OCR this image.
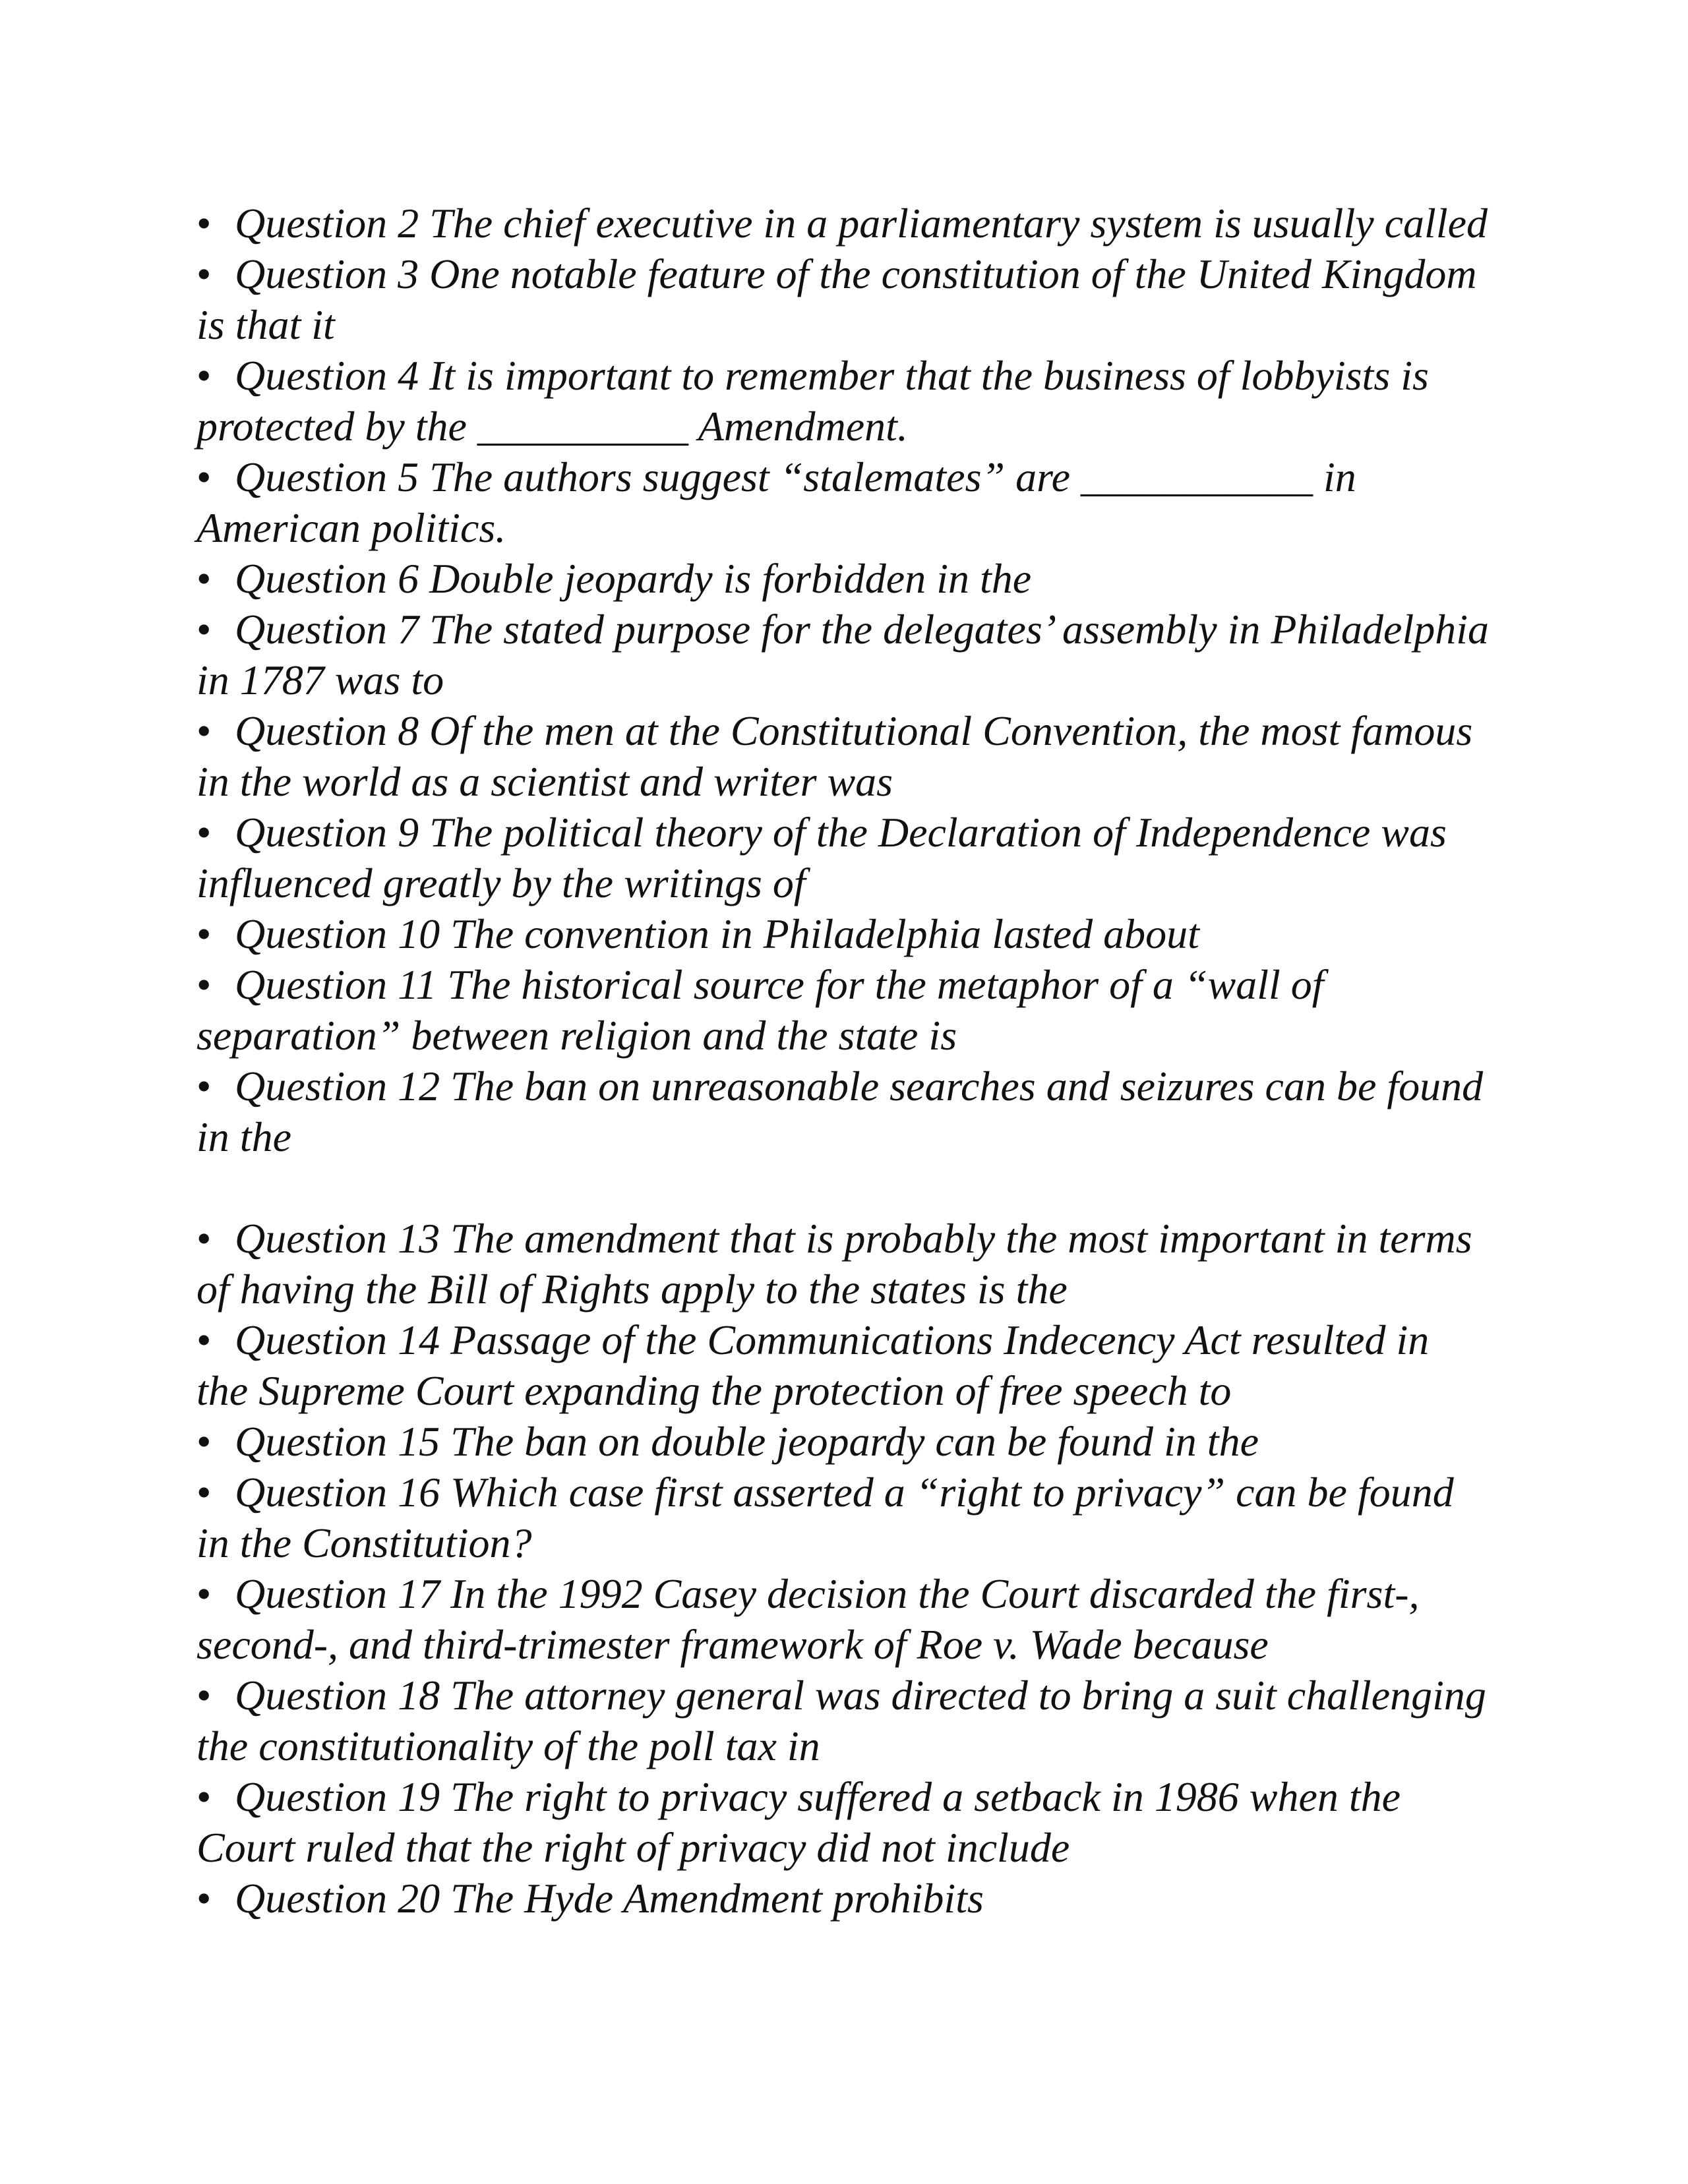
• Question 2 The chief executive in a parliamentary system is usually called

• Question 3 One notable feature of the constitution of the United Kingdom is that it

• Question 4 It is important to remember that the business of lobbyists is protected by the __________ Amendment.

• Question 5 The authors suggest “stalemates” are ___________ in American politics.

• Question 6 Double jeopardy is forbidden in the

• Question 7 The stated purpose for the delegates’ assembly in Philadelphia in 1787 was to

• Question 8 Of the men at the Constitutional Convention, the most famous in the world as a scientist and writer was

• Question 9 The political theory of the Declaration of Independence was influenced greatly by the writings of

• Question 10 The convention in Philadelphia lasted about

• Question 11 The historical source for the metaphor of a “wall of separation” between religion and the state is

• Question 12 The ban on unreasonable searches and seizures can be found in the

• Question 13 The amendment that is probably the most important in terms of having the Bill of Rights apply to the states is the

• Question 14 Passage of the Communications Indecency Act resulted in the Supreme Court expanding the protection of free speech to

• Question 15 The ban on double jeopardy can be found in the

• Question 16 Which case first asserted a “right to privacy” can be found in the Constitution?

• Question 17 In the 1992 Casey decision the Court discarded the first-, second-, and third-trimester framework of Roe v. Wade because

• Question 18 The attorney general was directed to bring a suit challenging the constitutionality of the poll tax in

• Question 19 The right to privacy suffered a setback in 1986 when the Court ruled that the right of privacy did not include

• Question 20 The Hyde Amendment prohibits
